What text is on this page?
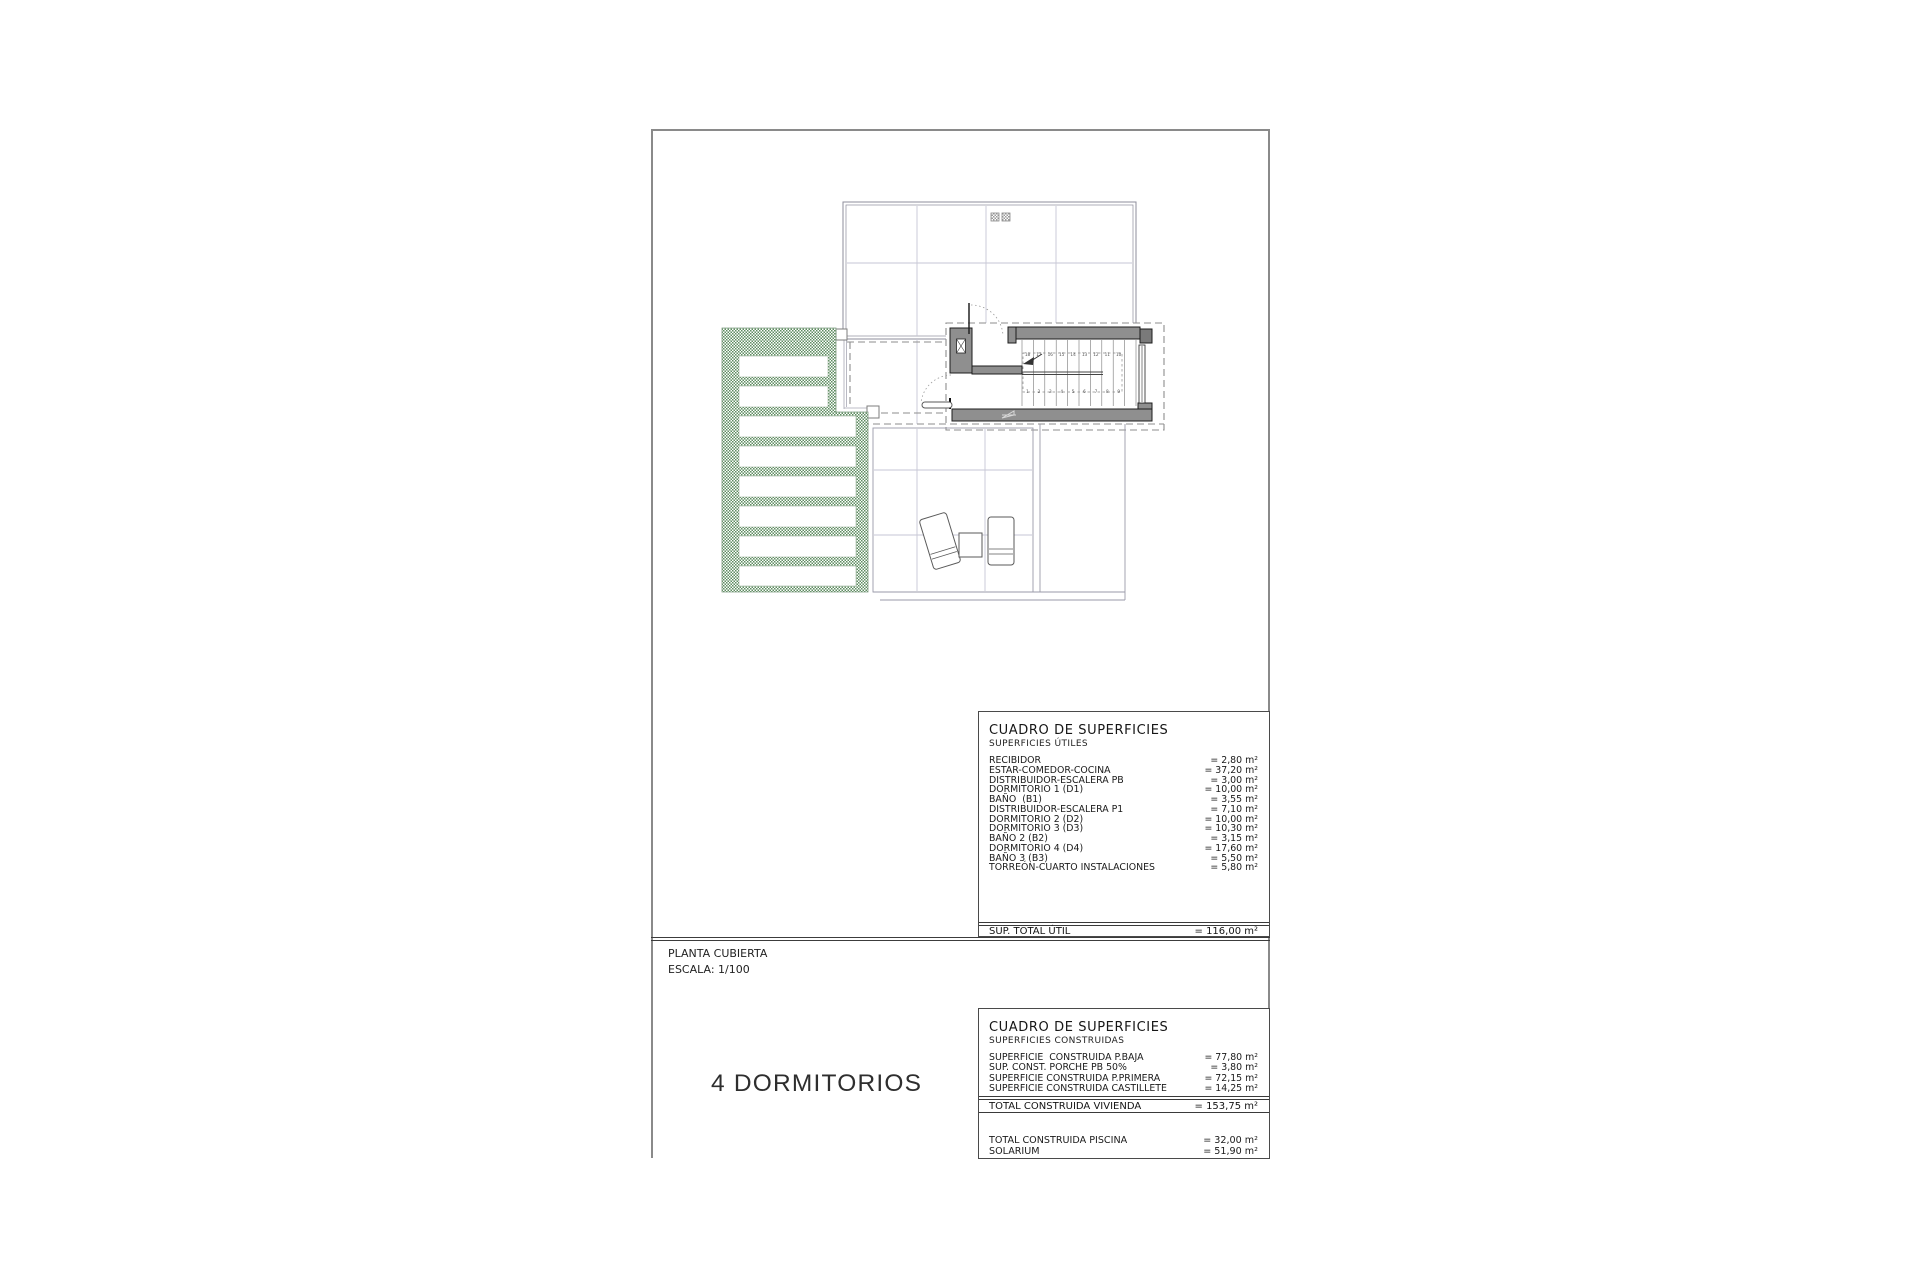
18 17 16 15 14 13 12 11 10
1 2 3 4 5 6 7 8 9
CUADRO DE SUPERFICIES
SUPERFICIES ÚTILES
RECIBIDOR	= 2,80 m²
ESTAR-COMEDOR-COCINA	= 37,20 m²
DISTRIBUIDOR-ESCALERA PB	= 3,00 m²
DORMITORIO 1 (D1)	= 10,00 m²
BAÑO  (B1)	= 3,55 m²
DISTRIBUIDOR-ESCALERA P1	= 7,10 m²
DORMITORIO 2 (D2)	= 10,00 m²
DORMITORIO 3 (D3)	= 10,30 m²
BAÑO 2 (B2)	= 3,15 m²
DORMITORIO 4 (D4)	= 17,60 m²
BAÑO 3 (B3)	= 5,50 m²
TORREÓN-CUARTO INSTALACIONES	= 5,80 m²
SUP. TOTAL ÚTIL	= 116,00 m²
CUADRO DE SUPERFICIES
SUPERFICIES CONSTRUIDAS
SUPERFICIE  CONSTRUIDA P.BAJA	= 77,80 m²
SUP. CONST. PORCHE PB 50%	= 3,80 m²
SUPERFICIE CONSTRUIDA P.PRIMERA	= 72,15 m²
SUPERFICIE CONSTRUIDA CASTILLETE	= 14,25 m²
TOTAL CONSTRUIDA VIVIENDA	= 153,75 m²
TOTAL CONSTRUIDA PISCINA	= 32,00 m²
SOLARIUM	= 51,90 m²
PLANTA CUBIERTA
ESCALA: 1/100
4 DORMITORIOS
